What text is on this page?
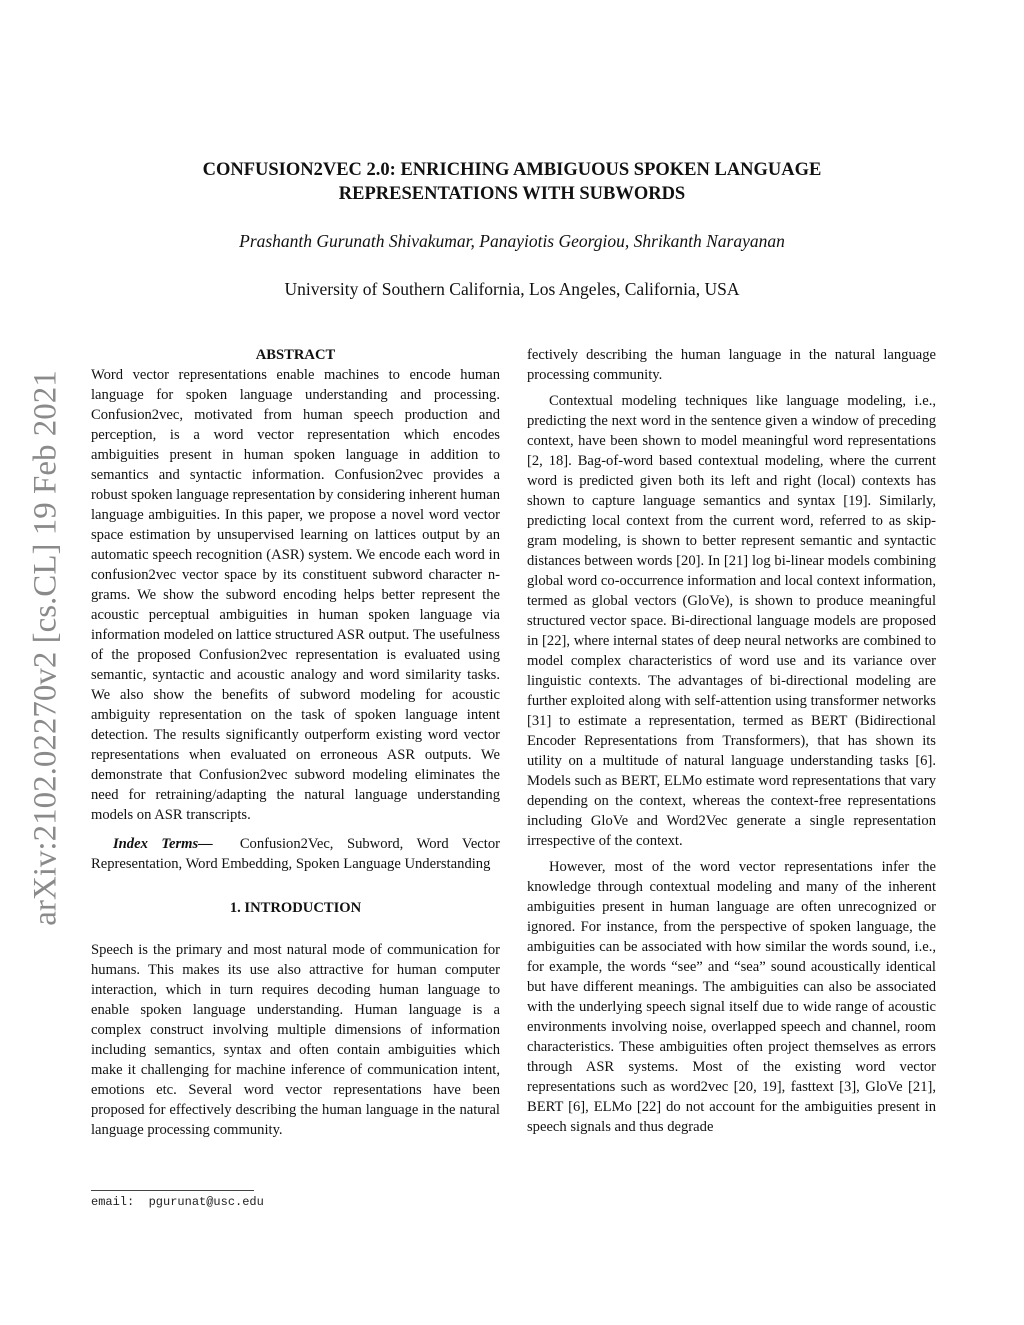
arXiv:2102.02270v2 [cs.CL] 19 Feb 2021
CONFUSION2VEC 2.0: ENRICHING AMBIGUOUS SPOKEN LANGUAGE REPRESENTATIONS WITH SUBWORDS
Prashanth Gurunath Shivakumar, Panayiotis Georgiou, Shrikanth Narayanan
University of Southern California, Los Angeles, California, USA

ABSTRACT

Word vector representations enable machines to encode human language for spoken language understanding and processing. Confusion2vec, motivated from human speech production and perception, is a word vector representation which encodes ambiguities present in human spoken language in addition to semantics and syntactic information. Confusion2vec provides a robust spoken language representation by considering inherent human language ambiguities. In this paper, we propose a novel word vector space estimation by unsupervised learning on lattices output by an automatic speech recognition (ASR) system. We encode each word in confusion2vec vector space by its constituent subword character n-grams. We show the subword encoding helps better represent the acoustic perceptual ambiguities in human spoken language via information modeled on lattice structured ASR output. The usefulness of the proposed Confusion2vec representation is evaluated using semantic, syntactic and acoustic analogy and word similarity tasks. We also show the benefits of subword modeling for acoustic ambiguity representation on the task of spoken language intent detection. The results significantly outperform existing word vector representations when evaluated on erroneous ASR outputs. We demonstrate that Confusion2vec subword modeling eliminates the need for retraining/adapting the natural language understanding models on ASR transcripts.

Index Terms— Confusion2Vec, Subword, Word Vector Representation, Word Embedding, Spoken Language Understanding

1. INTRODUCTION

Speech is the primary and most natural mode of communication for humans. This makes its use also attractive for human computer interaction, which in turn requires decoding human language to enable spoken language understanding. Human language is a complex construct involving multiple dimensions of information including semantics, syntax and often contain ambiguities which make it challenging for machine inference of communication intent, emotions etc. Several word vector representations have been proposed for effectively describing the human language in the natural language processing community.

fectively describing the human language in the natural language processing community.

Contextual modeling techniques like language modeling, i.e., predicting the next word in the sentence given a window of preceding context, have been shown to model meaningful word representations [2, 18]. Bag-of-word based contextual modeling, where the current word is predicted given both its left and right (local) contexts has shown to capture language semantics and syntax [19]. Similarly, predicting local context from the current word, referred to as skip-gram modeling, is shown to better represent semantic and syntactic distances between words [20]. In [21] log bi-linear models combining global word co-occurrence information and local context information, termed as global vectors (GloVe), is shown to produce meaningful structured vector space. Bi-directional language models are proposed in [22], where internal states of deep neural networks are combined to model complex characteristics of word use and its variance over linguistic contexts. The advantages of bi-directional modeling are further exploited along with self-attention using transformer networks [31] to estimate a representation, termed as BERT (Bidirectional Encoder Representations from Transformers), that has shown its utility on a multitude of natural language understanding tasks [6]. Models such as BERT, ELMo estimate word representations that vary depending on the context, whereas the context-free representations including GloVe and Word2Vec generate a single representation irrespective of the context.

However, most of the word vector representations infer the knowledge through contextual modeling and many of the inherent ambiguities present in human language are often unrecognized or ignored. For instance, from the perspective of spoken language, the ambiguities can be associated with how similar the words sound, i.e., for example, the words “see” and “sea” sound acoustically identical but have different meanings. The ambiguities can also be associated with the underlying speech signal itself due to wide range of acoustic environments involving noise, overlapped speech and channel, room characteristics. These ambiguities often project themselves as errors through ASR systems. Most of the existing word vector representations such as word2vec [20, 19], fasttext [3], GloVe [21], BERT [6], ELMo [22] do not account for the ambiguities present in speech signals and thus degrade

email:  pgurunat@usc.edu
